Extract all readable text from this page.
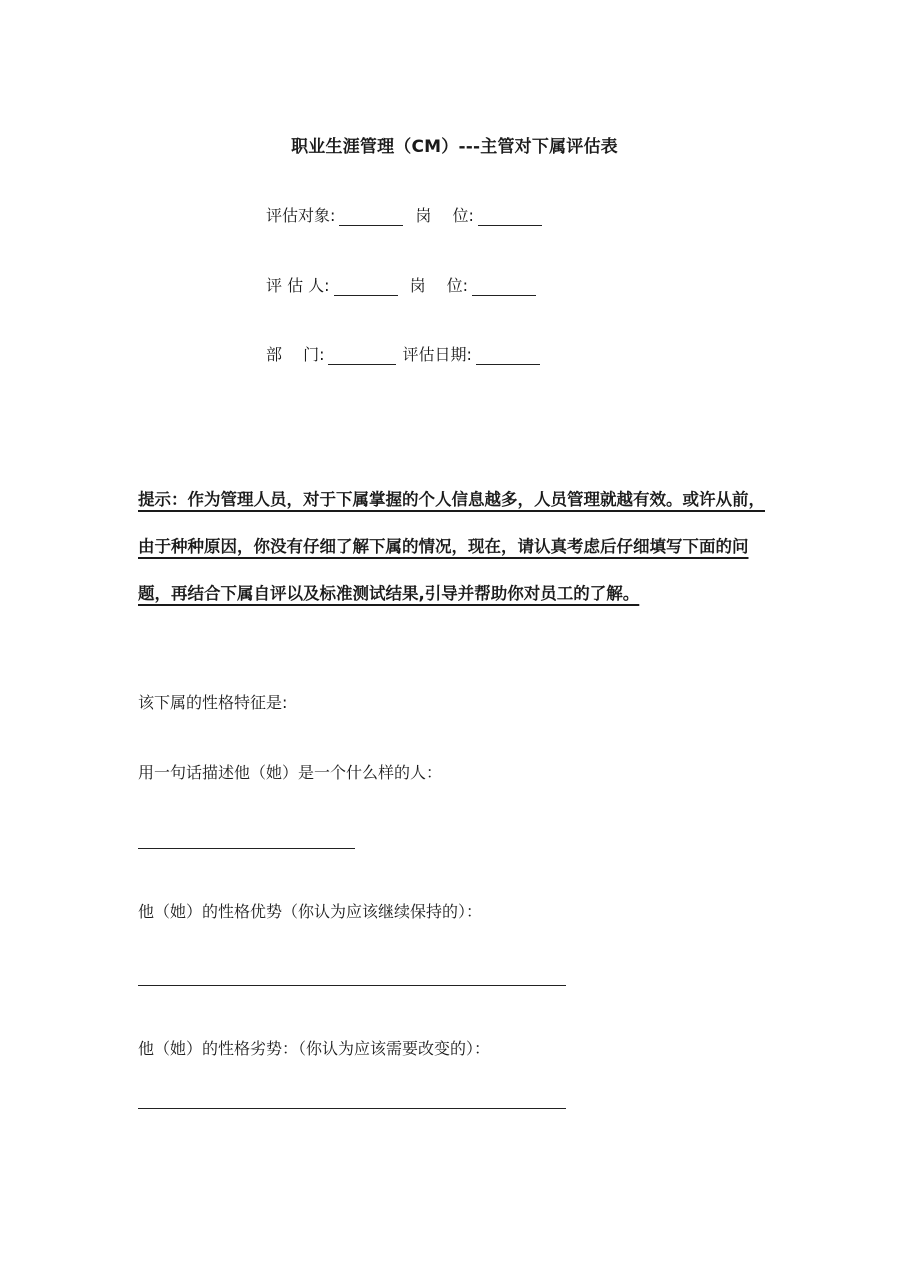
职业生涯管理（CM）---主管对下属评估表
评估对象:	岗　 位:
评 估 人:	岗　 位:
部　 门:	评估日期:
提示：作为管理人员，对于下属掌握的个人信息越多，人员管理就越有效。或许从前，由于种种原因，你没有仔细了解下属的情况，现在，请认真考虑后仔细填写下面的问题，再结合下属自评以及标准测试结果,引导并帮助你对员工的了解。
该下属的性格特征是:
用一句话描述他（她）是一个什么样的人：
他（她）的性格优势（你认为应该继续保持的）：
他（她）的性格劣势：（你认为应该需要改变的）：
